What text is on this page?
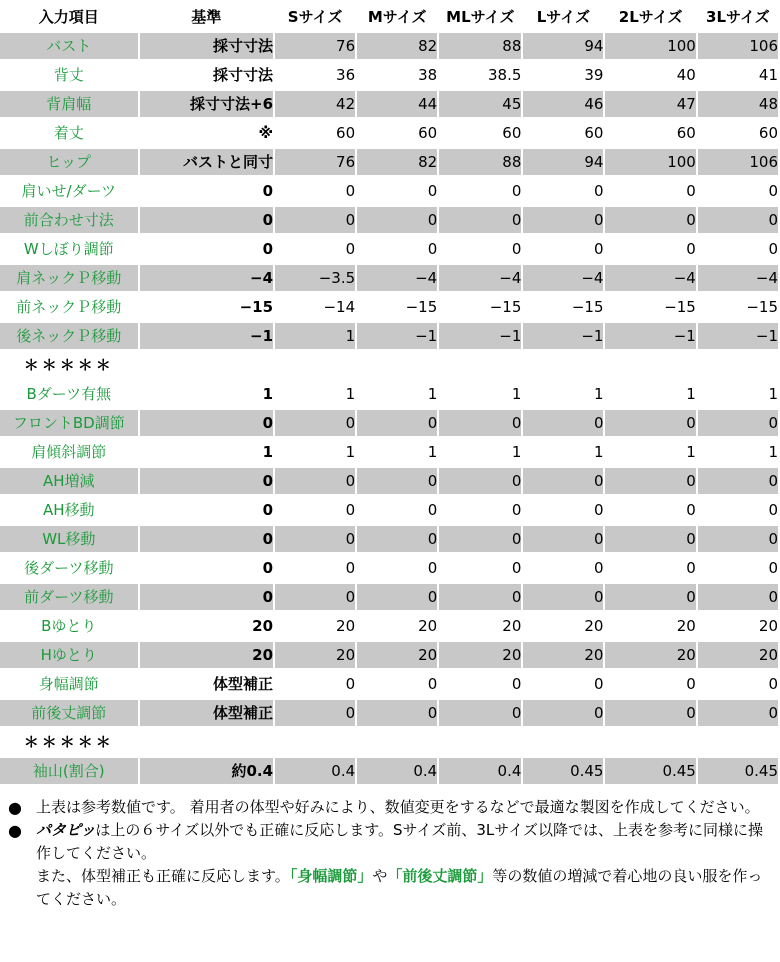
入力項目	基準	Sサイズ	Mサイズ	MLサイズ	Lサイズ	2Lサイズ	3Lサイズ
バスト	採寸寸法	76	82	88	94	100	106
背丈	採寸寸法	36	38	38.5	39	40	41
背肩幅	採寸寸法+6	42	44	45	46	47	48
着丈	※	60	60	60	60	60	60
ヒップ	バストと同寸	76	82	88	94	100	106
肩いせ/ダーツ	0	0	0	0	0	0	0
前合わせ寸法	0	0	0	0	0	0	0
Wしぼり調節	0	0	0	0	0	0	0
肩ネックＰ移動	−4	−3.5	−4	−4	−4	−4	−4
前ネックＰ移動	−15	−14	−15	−15	−15	−15	−15
後ネックＰ移動	−1	1	−1	−1	−1	−1	−1
＊＊＊＊＊							
Bダーツ有無	1	1	1	1	1	1	1
フロントBD調節	0	0	0	0	0	0	0
肩傾斜調節	1	1	1	1	1	1	1
AH増減	0	0	0	0	0	0	0
AH移動	0	0	0	0	0	0	0
WL移動	0	0	0	0	0	0	0
後ダーツ移動	0	0	0	0	0	0	0
前ダーツ移動	0	0	0	0	0	0	0
Bゆとり	20	20	20	20	20	20	20
Hゆとり	20	20	20	20	20	20	20
身幅調節	体型補正	0	0	0	0	0	0
前後丈調節	体型補正	0	0	0	0	0	0
＊＊＊＊＊							
袖山(割合)	約0.4	0.4	0.4	0.4	0.45	0.45	0.45
● 上表は参考数値です。 着用者の体型や好みにより、数値変更をするなどで最適な製図を作成してください。
● パタピッは上の６サイズ以外でも正確に反応します。Sサイズ前、3Lサイズ以降では、上表を参考に同様に操作してください。
また、体型補正も正確に反応します。「身幅調節」や「前後丈調節」等の数値の増減で着心地の良い服を作ってください。
